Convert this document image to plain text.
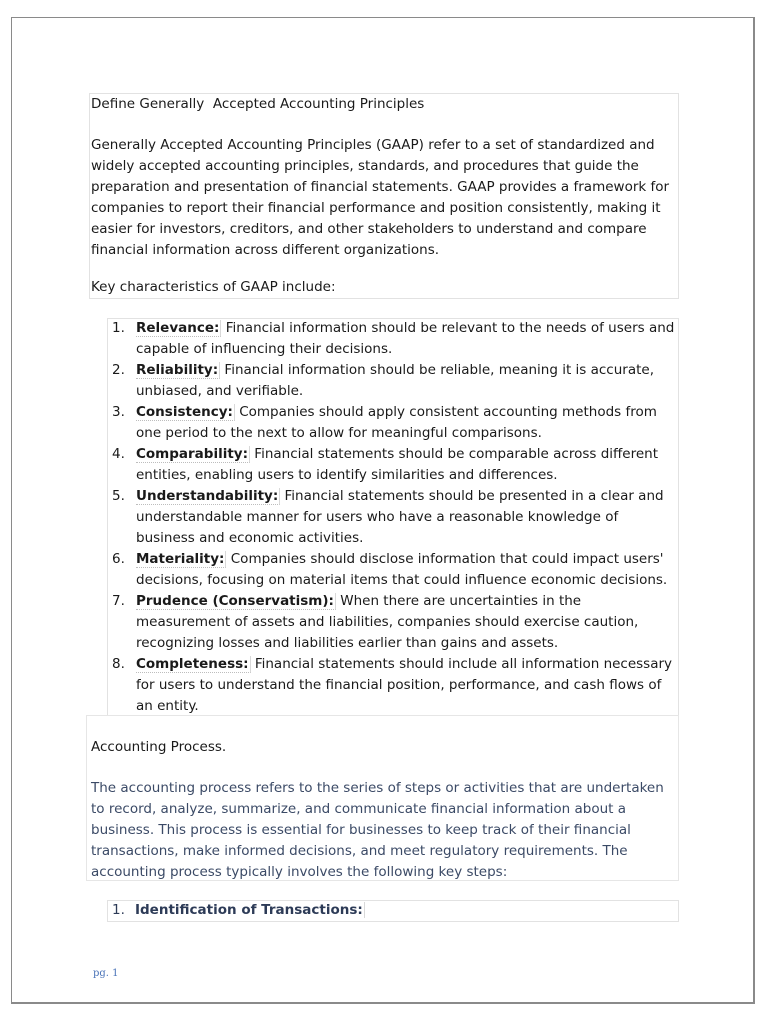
Define Generally  Accepted Accounting Principles
Generally Accepted Accounting Principles (GAAP) refer to a set of standardized and widely accepted accounting principles, standards, and procedures that guide the preparation and presentation of financial statements. GAAP provides a framework for companies to report their financial performance and position consistently, making it easier for investors, creditors, and other stakeholders to understand and compare financial information across different organizations.
Key characteristics of GAAP include:
1. Relevance: Financial information should be relevant to the needs of users and capable of influencing their decisions.
2. Reliability: Financial information should be reliable, meaning it is accurate, unbiased, and verifiable.
3. Consistency: Companies should apply consistent accounting methods from one period to the next to allow for meaningful comparisons.
4. Comparability: Financial statements should be comparable across different entities, enabling users to identify similarities and differences.
5. Understandability: Financial statements should be presented in a clear and understandable manner for users who have a reasonable knowledge of business and economic activities.
6. Materiality: Companies should disclose information that could impact users' decisions, focusing on material items that could influence economic decisions.
7. Prudence (Conservatism): When there are uncertainties in the measurement of assets and liabilities, companies should exercise caution, recognizing losses and liabilities earlier than gains and assets.
8. Completeness: Financial statements should include all information necessary for users to understand the financial position, performance, and cash flows of an entity.
Accounting Process.
The accounting process refers to the series of steps or activities that are undertaken to record, analyze, summarize, and communicate financial information about a business. This process is essential for businesses to keep track of their financial transactions, make informed decisions, and meet regulatory requirements. The accounting process typically involves the following key steps:
1. Identification of Transactions:
pg. 1
